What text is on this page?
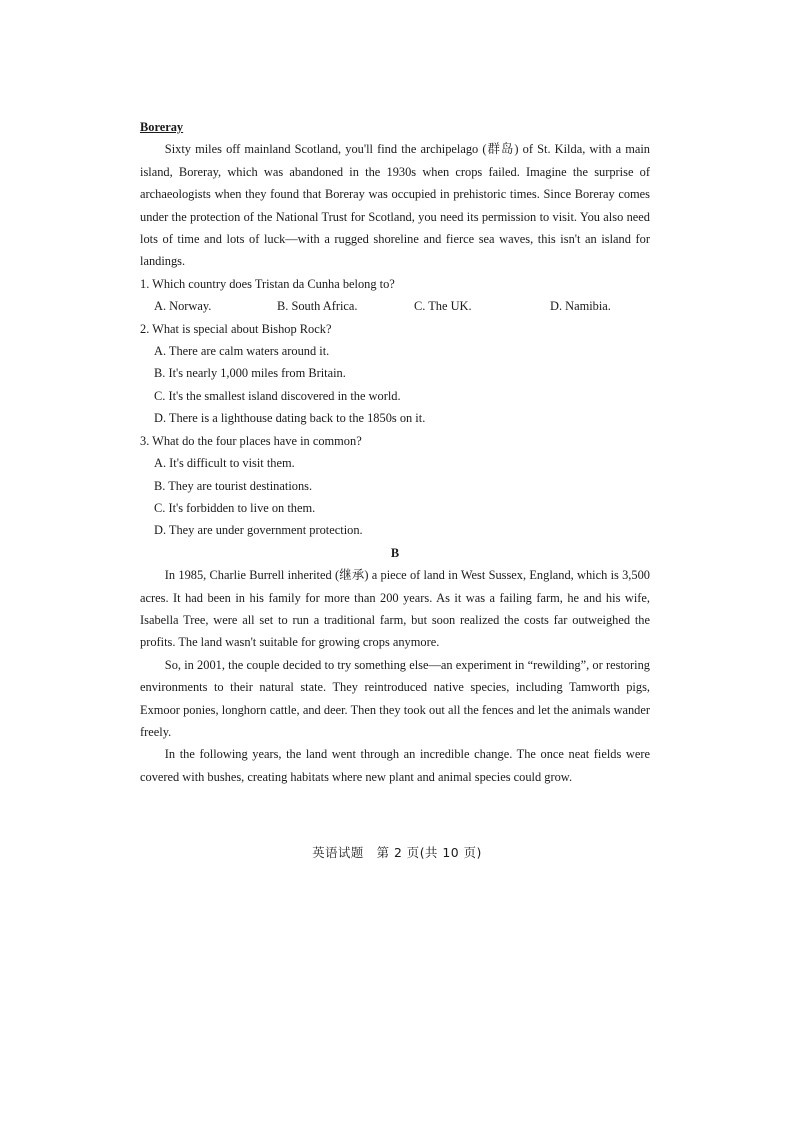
Boreray

Sixty miles off mainland Scotland, you'll find the archipelago (群岛) of St. Kilda, with a main island, Boreray, which was abandoned in the 1930s when crops failed. Imagine the surprise of archaeologists when they found that Boreray was occupied in prehistoric times. Since Boreray comes under the protection of the National Trust for Scotland, you need its permission to visit. You also need lots of time and lots of luck—with a rugged shoreline and fierce sea waves, this isn't an island for landings.

1. Which country does Tristan da Cunha belong to?

A. Norway.	B. South Africa.	C. The UK.	D. Namibia.

2. What is special about Bishop Rock?

A. There are calm waters around it.

B. It's nearly 1,000 miles from Britain.

C. It's the smallest island discovered in the world.

D. There is a lighthouse dating back to the 1850s on it.

3. What do the four places have in common?

A. It's difficult to visit them.

B. They are tourist destinations.

C. It's forbidden to live on them.

D. They are under government protection.

B

In 1985, Charlie Burrell inherited (继承) a piece of land in West Sussex, England, which is 3,500 acres. It had been in his family for more than 200 years. As it was a failing farm, he and his wife, Isabella Tree, were all set to run a traditional farm, but soon realized the costs far outweighed the profits. The land wasn't suitable for growing crops anymore.

So, in 2001, the couple decided to try something else—an experiment in “rewilding”, or restoring environments to their natural state. They reintroduced native species, including Tamworth pigs, Exmoor ponies, longhorn cattle, and deer. Then they took out all the fences and let the animals wander freely.

In the following years, the land went through an incredible change. The once neat fields were covered with bushes, creating habitats where new plant and animal species could grow.

英语试题　第 2 页(共 10 页)
